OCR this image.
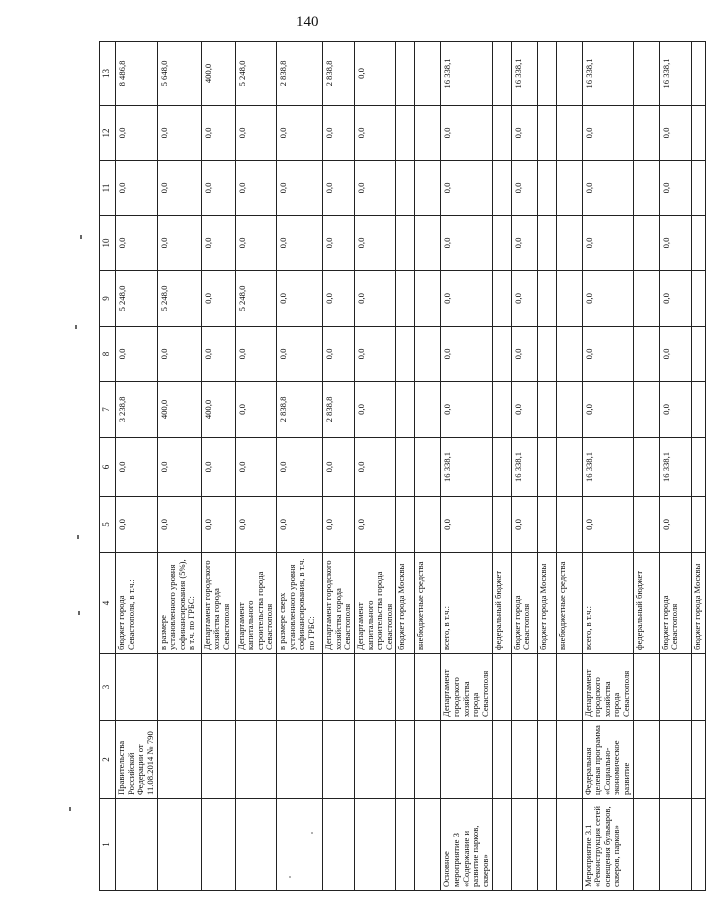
140
1	2	3	4	5	6	7	8	9	10	11	12	13
	Правительства Российской Федерации от 11.08.2014 № 790		бюджет города Севастополя, в т.ч.:	0,0	0,0	3 238,8	0,0	5 248,0	0,0	0,0	0,0	8 486,8
			в размере установленного уровня софинансирования (5%), в т.ч. по ГРБС:	0,0	0,0	400,0	0,0	5 248,0	0,0	0,0	0,0	5 648,0
			Департамент городского хозяйства города Севастополя	0,0	0,0	400,0	0,0	0,0	0,0	0,0	0,0	400,0
			Департамент капитального строительства города Севастополя	0,0	0,0	0,0	0,0	5 248,0	0,0	0,0	0,0	5 248,0
			в размере сверх установленного уровня софинансирования, в т.ч. по ГРБС:	0,0	0,0	2 838,8	0,0	0,0	0,0	0,0	0,0	2 838,8
			Департамент городского хозяйства города Севастополя	0,0	0,0	2 838,8	0,0	0,0	0,0	0,0	0,0	2 838,8
			Департамент капитального строительства города Севастополя	0,0	0,0	0,0	0,0	0,0	0,0	0,0	0,0	0,0
			бюджет города Москвы									
			внебюджетные средства									
Основное мероприятие 3 «Содержание и развитие парков, скверов»		Департамент городского хозяйства города Севастополя	всего, в т.ч.:	0,0	16 338,1	0,0	0,0	0,0	0,0	0,0	0,0	16 338,1
			федеральный бюджет									
			бюджет города Севастополя	0,0	16 338,1	0,0	0,0	0,0	0,0	0,0	0,0	16 338,1
			бюджет города Москвы									
			внебюджетные средства									
Мероприятие 3.1 «Реконструкция сетей освещения бульваров, скверов, парков»	Федеральная целевая программа «Социально-экономическое развитие	Департамент городского хозяйства города Севастополя	всего, в т.ч.:	0,0	16 338,1	0,0	0,0	0,0	0,0	0,0	0,0	16 338,1
			федеральный бюджет									
			бюджет города Севастополя	0,0	16 338,1	0,0	0,0	0,0	0,0	0,0	0,0	16 338,1
			бюджет города Москвы									
